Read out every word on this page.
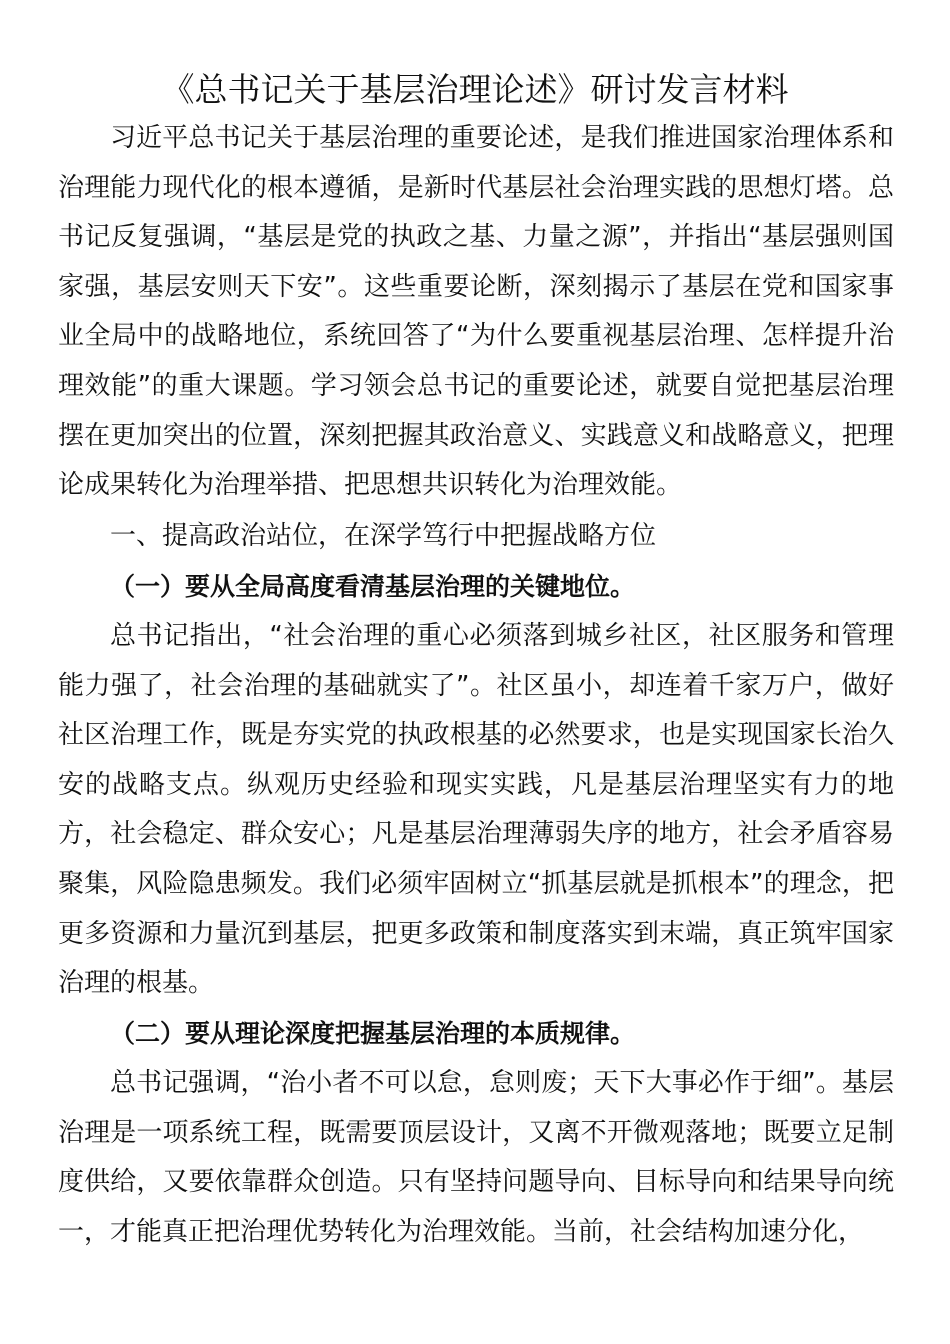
《总书记关于基层治理论述》研讨发言材料

习近平总书记关于基层治理的重要论述，是我们推进国家治理体系和治理能力现代化的根本遵循，是新时代基层社会治理实践的思想灯塔。总书记反复强调，“基层是党的执政之基、力量之源”，并指出“基层强则国家强，基层安则天下安”。这些重要论断，深刻揭示了基层在党和国家事业全局中的战略地位，系统回答了“为什么要重视基层治理、怎样提升治理效能”的重大课题。学习领会总书记的重要论述，就要自觉把基层治理摆在更加突出的位置，深刻把握其政治意义、实践意义和战略意义，把理论成果转化为治理举措、把思想共识转化为治理效能。

一、提高政治站位，在深学笃行中把握战略方位
（一）要从全局高度看清基层治理的关键地位。

总书记指出，“社会治理的重心必须落到城乡社区，社区服务和管理能力强了，社会治理的基础就实了”。社区虽小，却连着千家万户，做好社区治理工作，既是夯实党的执政根基的必然要求，也是实现国家长治久安的战略支点。纵观历史经验和现实实践，凡是基层治理坚实有力的地方，社会稳定、群众安心；凡是基层治理薄弱失序的地方，社会矛盾容易聚集，风险隐患频发。我们必须牢固树立“抓基层就是抓根本”的理念，把更多资源和力量沉到基层，把更多政策和制度落实到末端，真正筑牢国家治理的根基。

（二）要从理论深度把握基层治理的本质规律。

总书记强调，“治小者不可以怠，怠则废；天下大事必作于细”。基层治理是一项系统工程，既需要顶层设计，又离不开微观落地；既要立足制度供给，又要依靠群众创造。只有坚持问题导向、目标导向和结果导向统一，才能真正把治理优势转化为治理效能。当前，社会结构加速分化，
